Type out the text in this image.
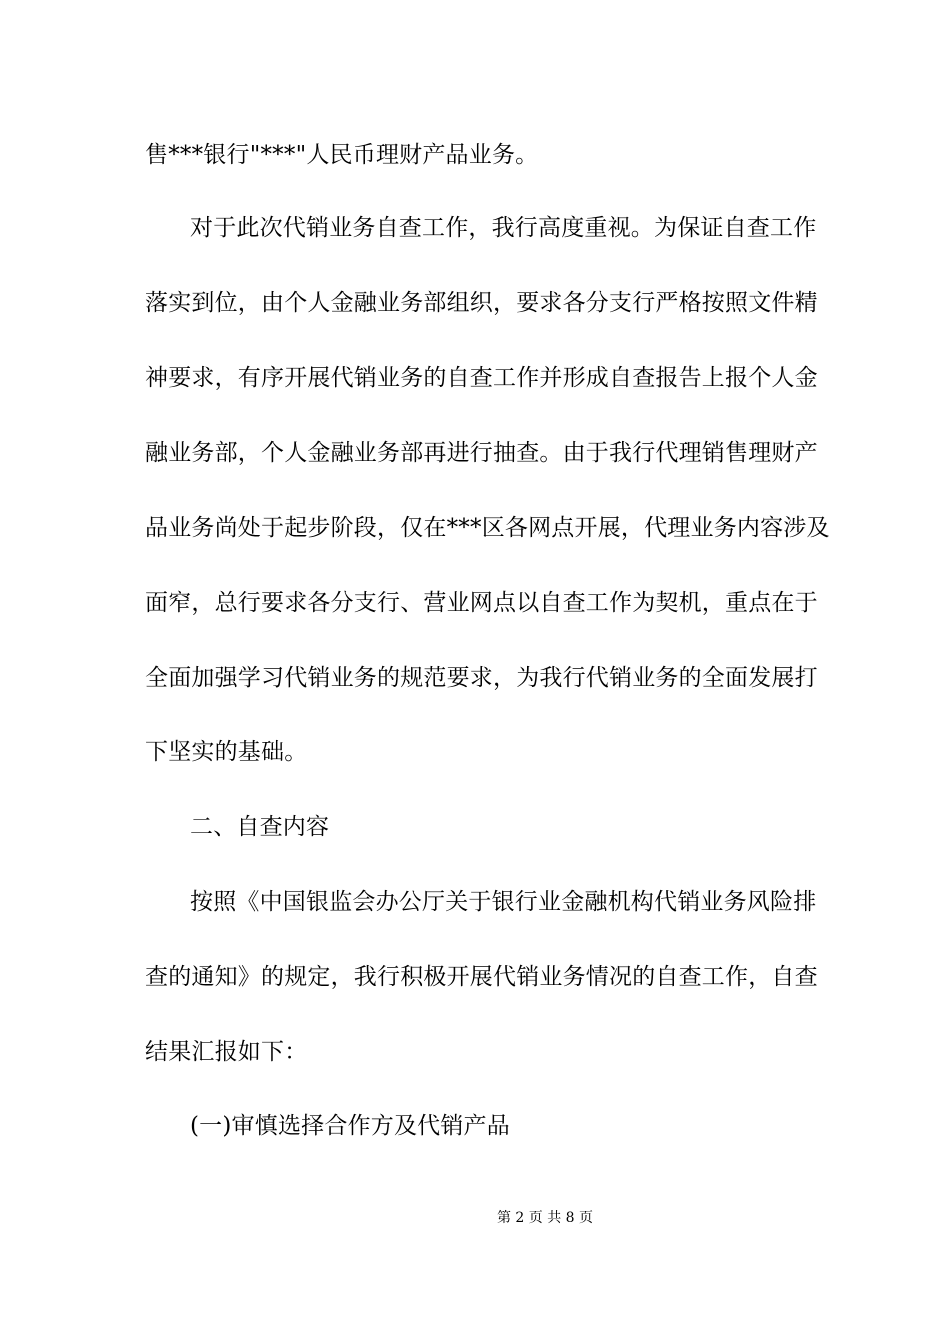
售***银行"***"人民币理财产品业务。
对于此次代销业务自查工作，我行高度重视。为保证自查工作
落实到位，由个人金融业务部组织，要求各分支行严格按照文件精
神要求，有序开展代销业务的自查工作并形成自查报告上报个人金
融业务部，个人金融业务部再进行抽查。由于我行代理销售理财产
品业务尚处于起步阶段，仅在***区各网点开展，代理业务内容涉及
面窄，总行要求各分支行、营业网点以自查工作为契机，重点在于
全面加强学习代销业务的规范要求，为我行代销业务的全面发展打
下坚实的基础。
二、自查内容
按照《中国银监会办公厅关于银行业金融机构代销业务风险排
查的通知》的规定，我行积极开展代销业务情况的自查工作，自查
结果汇报如下：
(一)审慎选择合作方及代销产品
第 2 页 共 8 页
